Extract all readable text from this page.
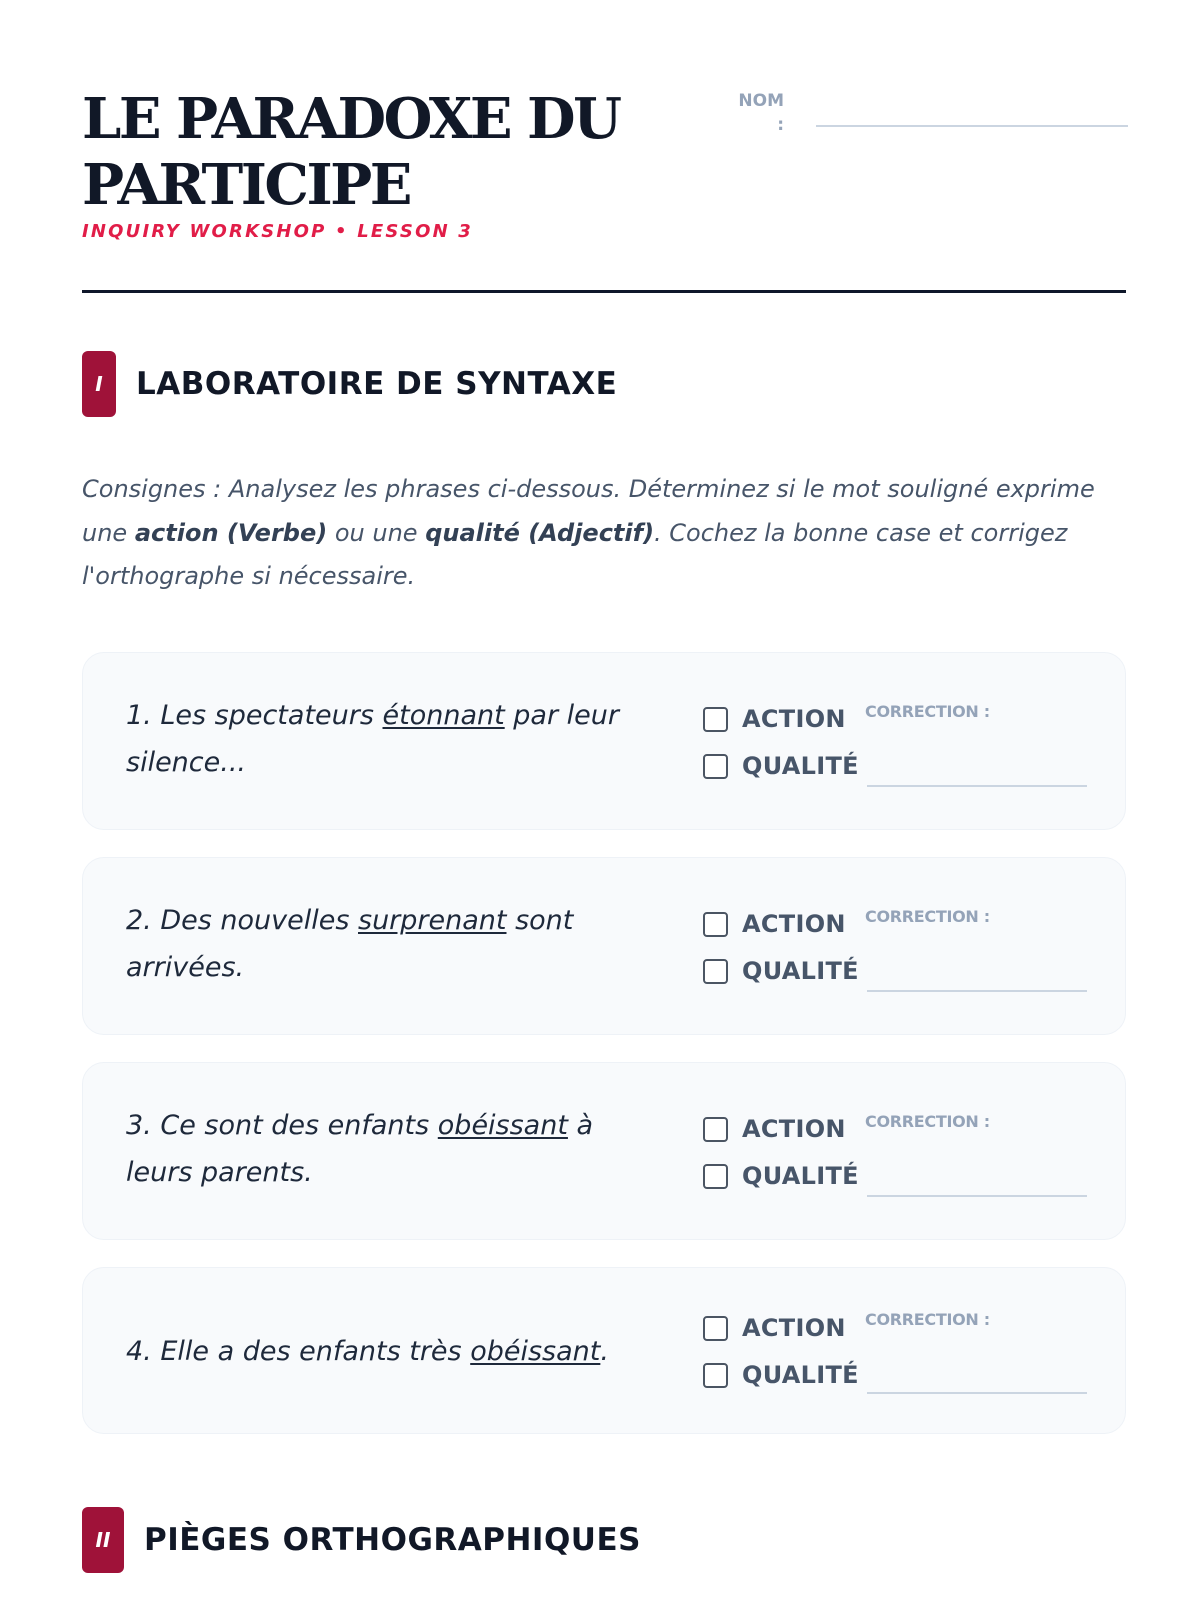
LE PARADOXE DU PARTICIPE
INQUIRY WORKSHOP • LESSON 3
NOM :
I	LABORATOIRE DE SYNTAXE

Consignes : Analysez les phrases ci-dessous. Déterminez si le mot souligné exprime une action (Verbe) ou une qualité (Adjectif). Cochez la bonne case et corrigez l'orthographe si nécessaire.

1. Les spectateurs étonnant par leur silence...

ACTION
QUALITÉ
CORRECTION :

2. Des nouvelles surprenant sont arrivées.

ACTION
QUALITÉ
CORRECTION :

3. Ce sont des enfants obéissant à leurs parents.

ACTION
QUALITÉ
CORRECTION :

4. Elle a des enfants très obéissant.

ACTION
QUALITÉ
CORRECTION :
II	PIÈGES ORTHOGRAPHIQUES
